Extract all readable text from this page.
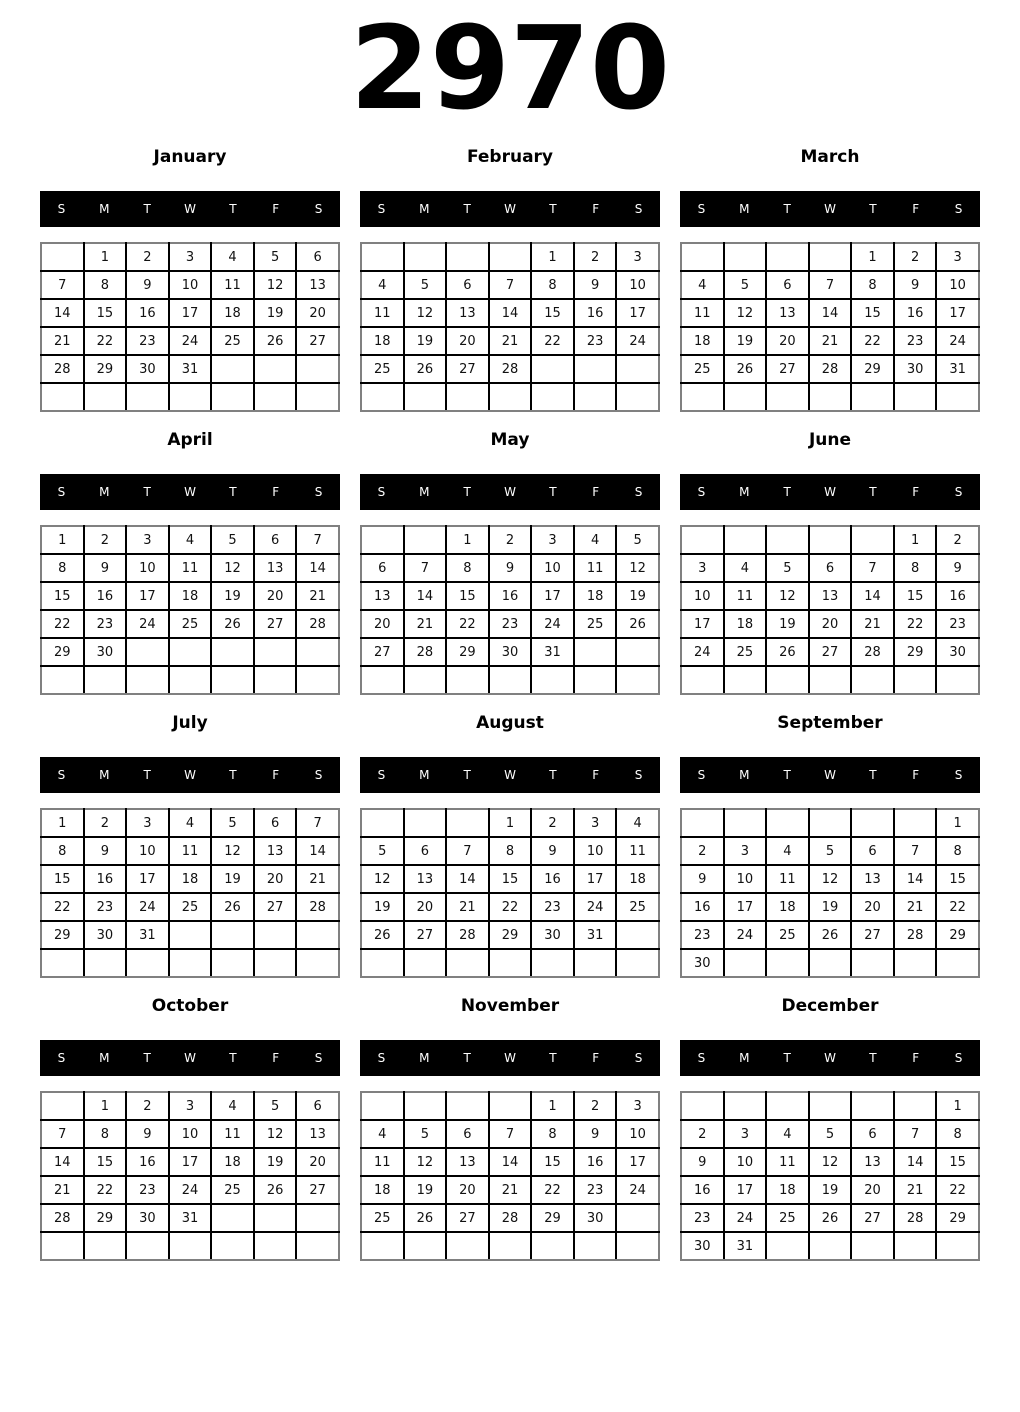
2970
January
S	M	T	W	T	F	S
	1	2	3	4	5	6
7	8	9	10	11	12	13
14	15	16	17	18	19	20
21	22	23	24	25	26	27
28	29	30	31			

February
S	M	T	W	T	F	S
				1	2	3
4	5	6	7	8	9	10
11	12	13	14	15	16	17
18	19	20	21	22	23	24
25	26	27	28			

March
S	M	T	W	T	F	S
				1	2	3
4	5	6	7	8	9	10
11	12	13	14	15	16	17
18	19	20	21	22	23	24
25	26	27	28	29	30	31

April
S	M	T	W	T	F	S
1	2	3	4	5	6	7
8	9	10	11	12	13	14
15	16	17	18	19	20	21
22	23	24	25	26	27	28
29	30					

May
S	M	T	W	T	F	S
		1	2	3	4	5
6	7	8	9	10	11	12
13	14	15	16	17	18	19
20	21	22	23	24	25	26
27	28	29	30	31		

June
S	M	T	W	T	F	S
					1	2
3	4	5	6	7	8	9
10	11	12	13	14	15	16
17	18	19	20	21	22	23
24	25	26	27	28	29	30

July
S	M	T	W	T	F	S
1	2	3	4	5	6	7
8	9	10	11	12	13	14
15	16	17	18	19	20	21
22	23	24	25	26	27	28
29	30	31				

August
S	M	T	W	T	F	S
			1	2	3	4
5	6	7	8	9	10	11
12	13	14	15	16	17	18
19	20	21	22	23	24	25
26	27	28	29	30	31	

September
S	M	T	W	T	F	S
						1
2	3	4	5	6	7	8
9	10	11	12	13	14	15
16	17	18	19	20	21	22
23	24	25	26	27	28	29
30						
October
S	M	T	W	T	F	S
	1	2	3	4	5	6
7	8	9	10	11	12	13
14	15	16	17	18	19	20
21	22	23	24	25	26	27
28	29	30	31			

November
S	M	T	W	T	F	S
				1	2	3
4	5	6	7	8	9	10
11	12	13	14	15	16	17
18	19	20	21	22	23	24
25	26	27	28	29	30	

December
S	M	T	W	T	F	S
						1
2	3	4	5	6	7	8
9	10	11	12	13	14	15
16	17	18	19	20	21	22
23	24	25	26	27	28	29
30	31					
